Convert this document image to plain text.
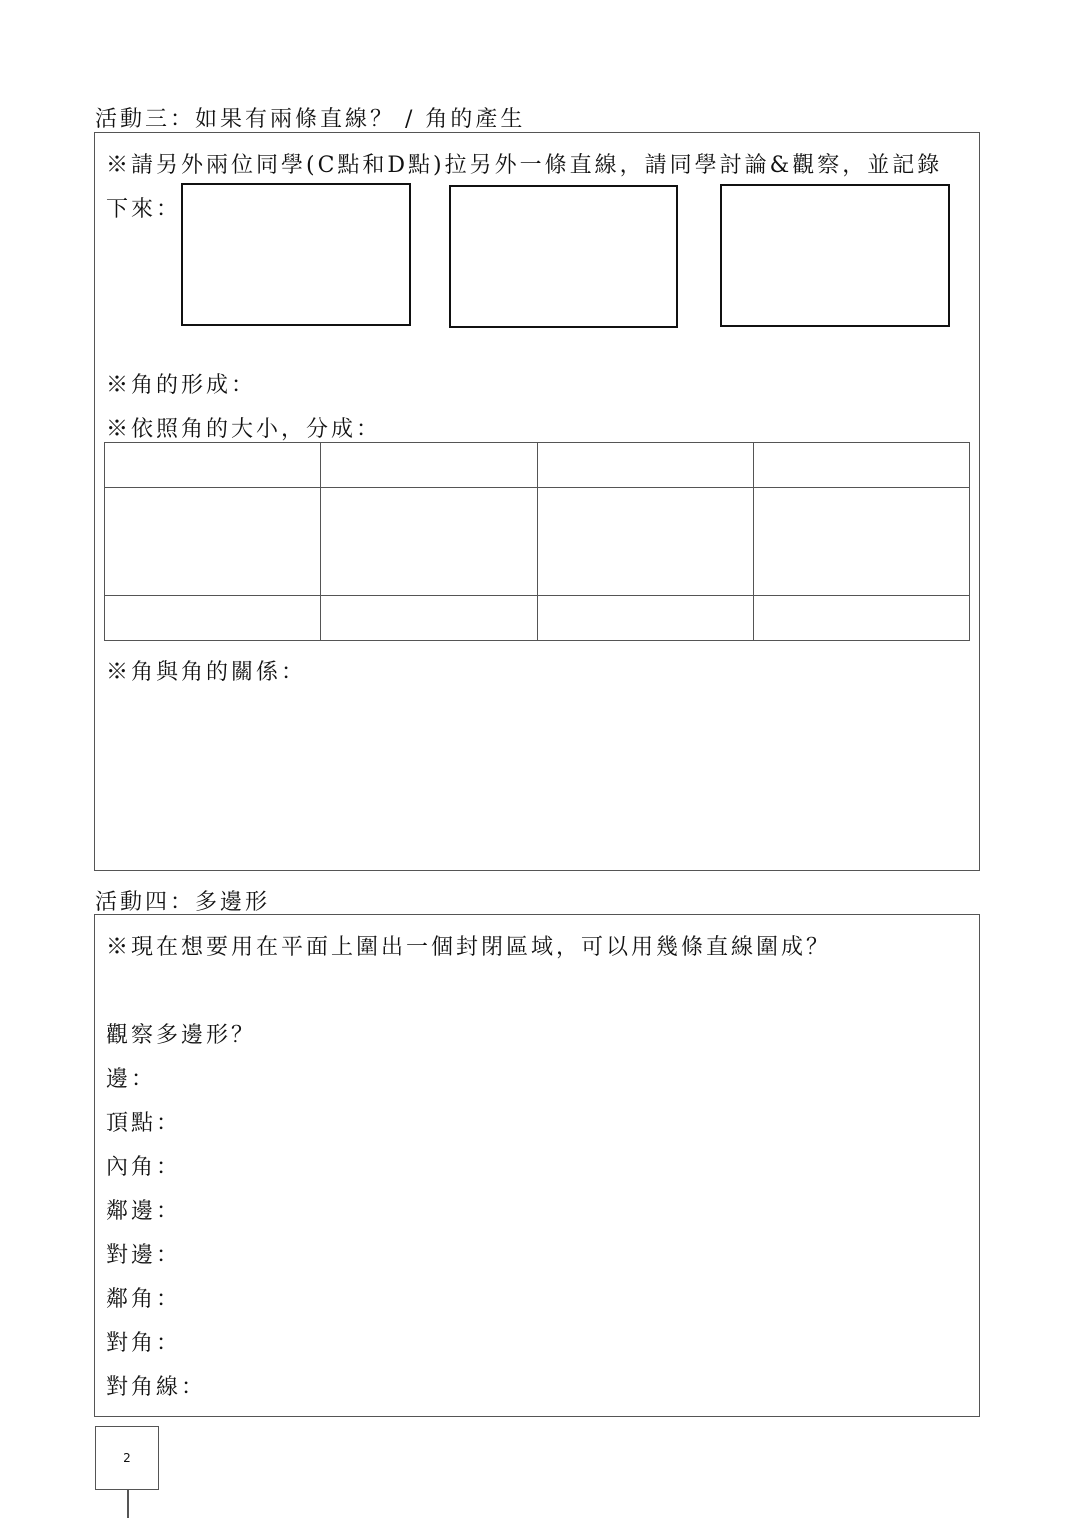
活動三：如果有兩條直線？ / 角的產生
※請另外兩位同學(C點和D點)拉另外一條直線，請同學討論&觀察，並記錄
下來：
※角的形成：
※依照角的大小，分成：

※角與角的關係：
活動四：多邊形
※現在想要用在平面上圍出一個封閉區域，可以用幾條直線圍成？
觀察多邊形？
邊：
頂點：
內角：
鄰邊：
對邊：
鄰角：
對角：
對角線：
2
